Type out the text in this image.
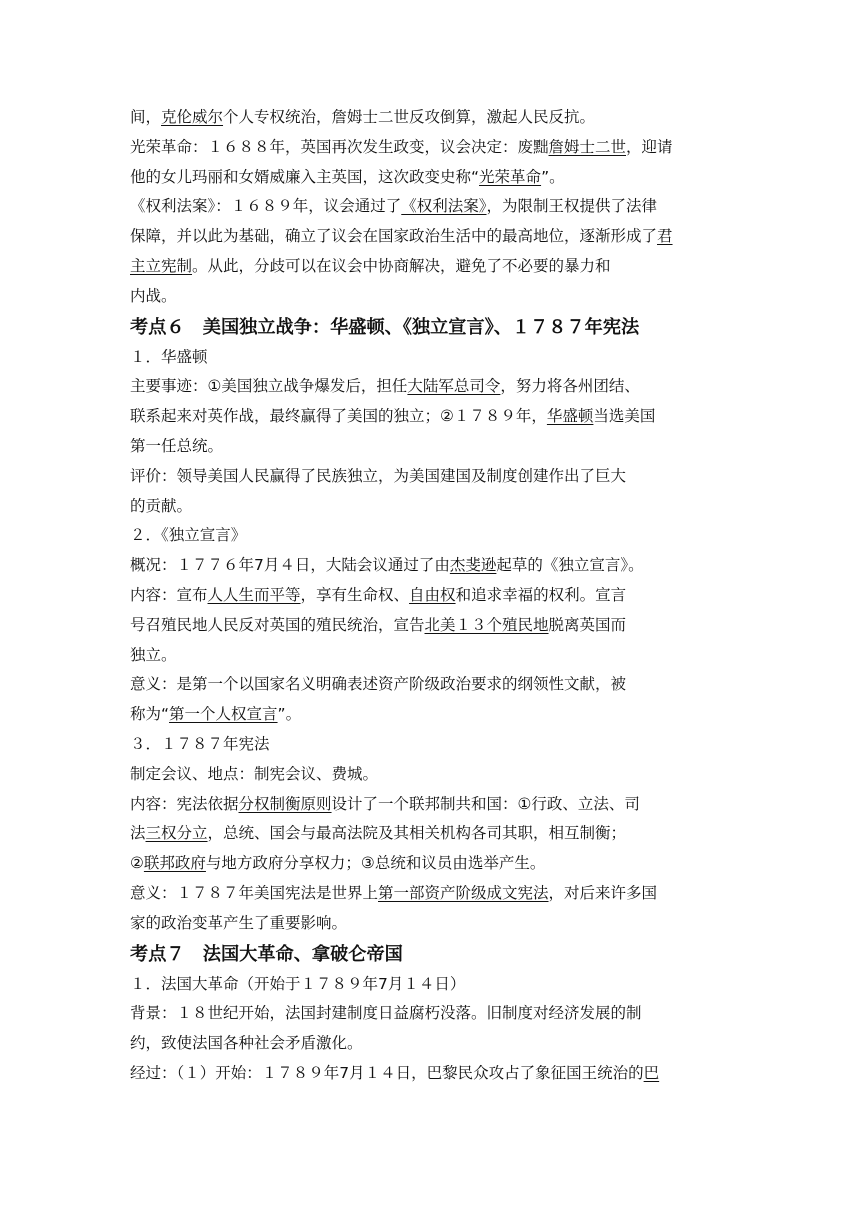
间，克伦威尔个人专权统治，詹姆士二世反攻倒算，激起人民反抗。
光荣革命：１６８８年，英国再次发生政变，议会决定：废黜詹姆士二世，迎请
他的女儿玛丽和女婿威廉入主英国，这次政变史称“光荣革命”。
《权利法案》：１６８９年，议会通过了《权利法案》，为限制王权提供了法律
保障，并以此为基础，确立了议会在国家政治生活中的最高地位，逐渐形成了君
主立宪制。从此，分歧可以在议会中协商解决，避免了不必要的暴力和
内战。
考点６　美国独立战争：华盛顿、《独立宣言》、１７８７年宪法
１．华盛顿
主要事迹：①美国独立战争爆发后，担任大陆军总司令，努力将各州团结、
联系起来对英作战，最终赢得了美国的独立；②１７８９年，华盛顿当选美国
第一任总统。
评价：领导美国人民赢得了民族独立，为美国建国及制度创建作出了巨大
的贡献。
２．《独立宣言》
概况：１７７６年7月４日，大陆会议通过了由杰斐逊起草的《独立宣言》。
内容：宣布人人生而平等，享有生命权、自由权和追求幸福的权利。宣言
号召殖民地人民反对英国的殖民统治，宣告北美１３个殖民地脱离英国而
独立。
意义：是第一个以国家名义明确表述资产阶级政治要求的纲领性文献，被
称为“第一个人权宣言”。
３．１７８７年宪法
制定会议、地点：制宪会议、费城。
内容：宪法依据分权制衡原则设计了一个联邦制共和国：①行政、立法、司
法三权分立，总统、国会与最高法院及其相关机构各司其职，相互制衡；
②联邦政府与地方政府分享权力；③总统和议员由选举产生。
意义：１７８７年美国宪法是世界上第一部资产阶级成文宪法，对后来许多国
家的政治变革产生了重要影响。
考点７　法国大革命、拿破仑帝国
１．法国大革命（开始于１７８９年7月１４日）
背景：１８世纪开始，法国封建制度日益腐朽没落。旧制度对经济发展的制
约，致使法国各种社会矛盾激化。
经过：（１）开始：１７８９年7月１４日，巴黎民众攻占了象征国王统治的巴
